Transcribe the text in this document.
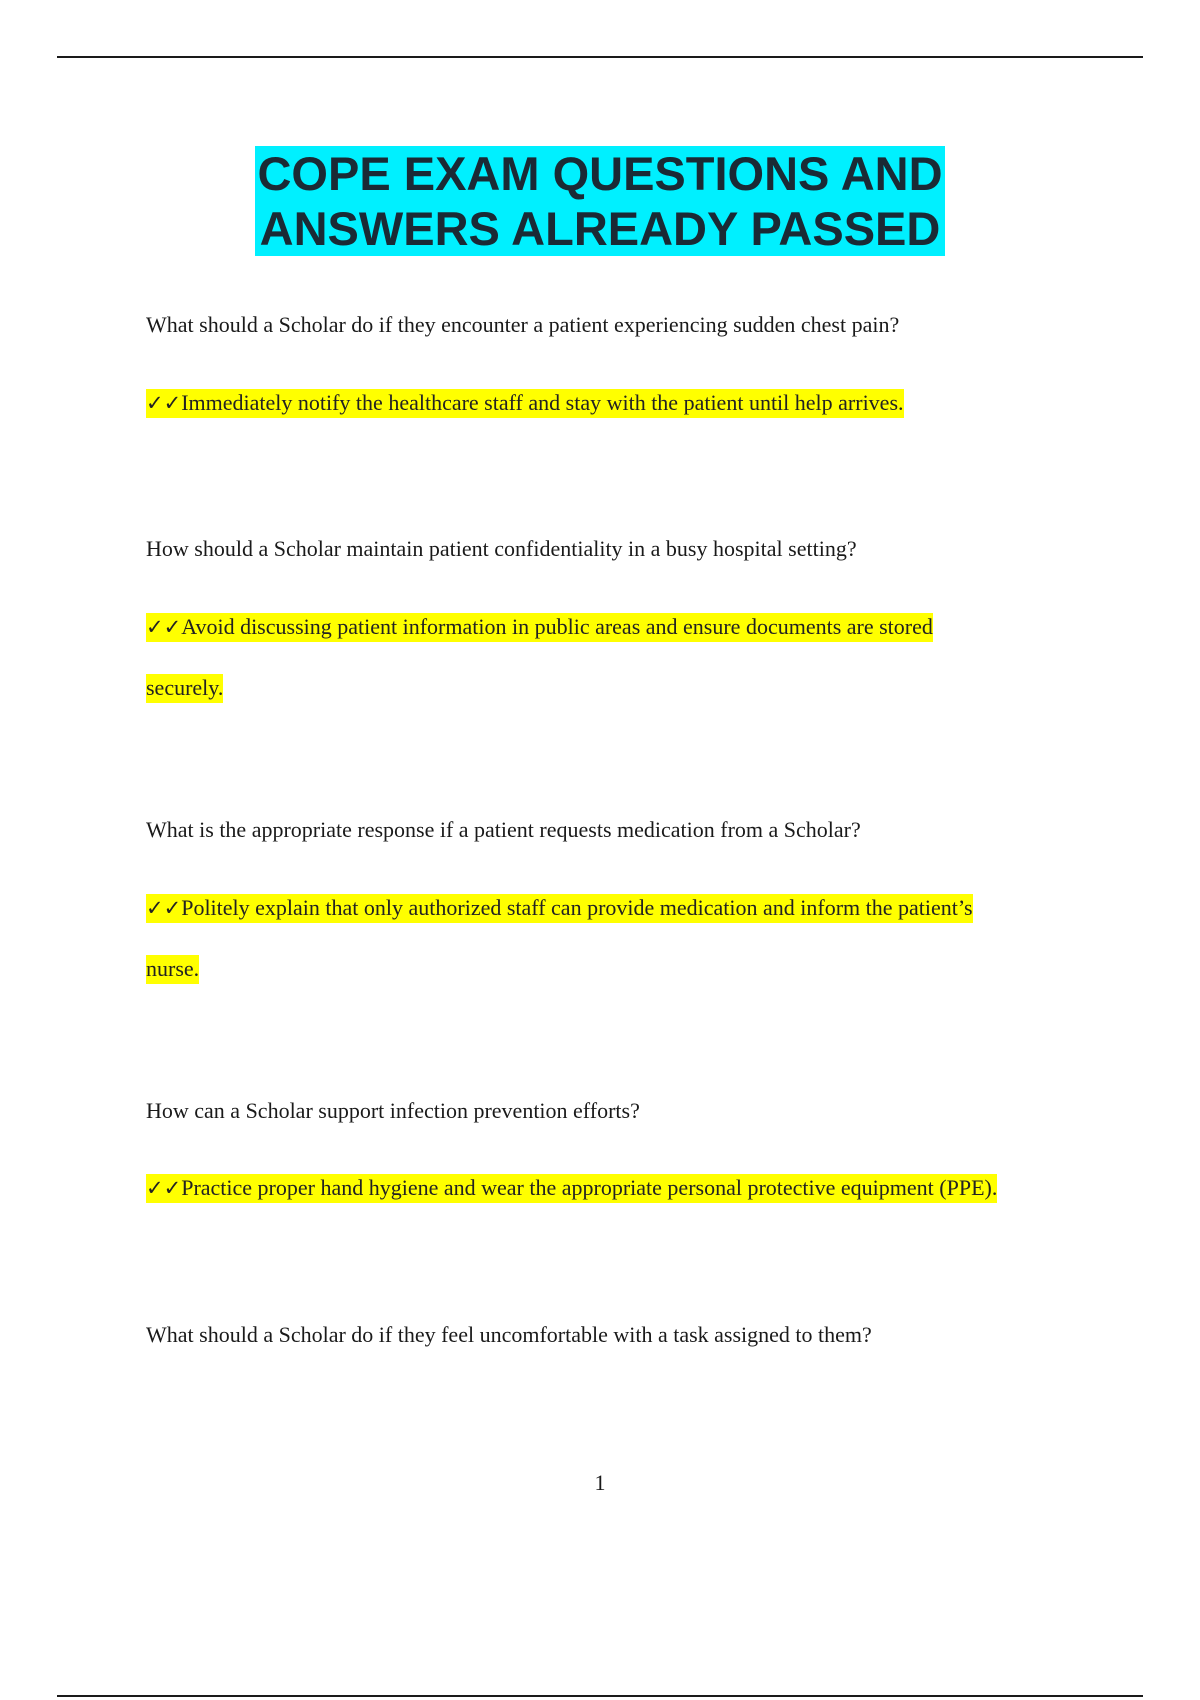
COPE EXAM QUESTIONS AND
ANSWERS ALREADY PASSED
What should a Scholar do if they encounter a patient experiencing sudden chest pain?
✓✓Immediately notify the healthcare staff and stay with the patient until help arrives.
How should a Scholar maintain patient confidentiality in a busy hospital setting?
✓✓Avoid discussing patient information in public areas and ensure documents are stored
securely.
What is the appropriate response if a patient requests medication from a Scholar?
✓✓Politely explain that only authorized staff can provide medication and inform the patient’s
nurse.
How can a Scholar support infection prevention efforts?
✓✓Practice proper hand hygiene and wear the appropriate personal protective equipment (PPE).
What should a Scholar do if they feel uncomfortable with a task assigned to them?
1
